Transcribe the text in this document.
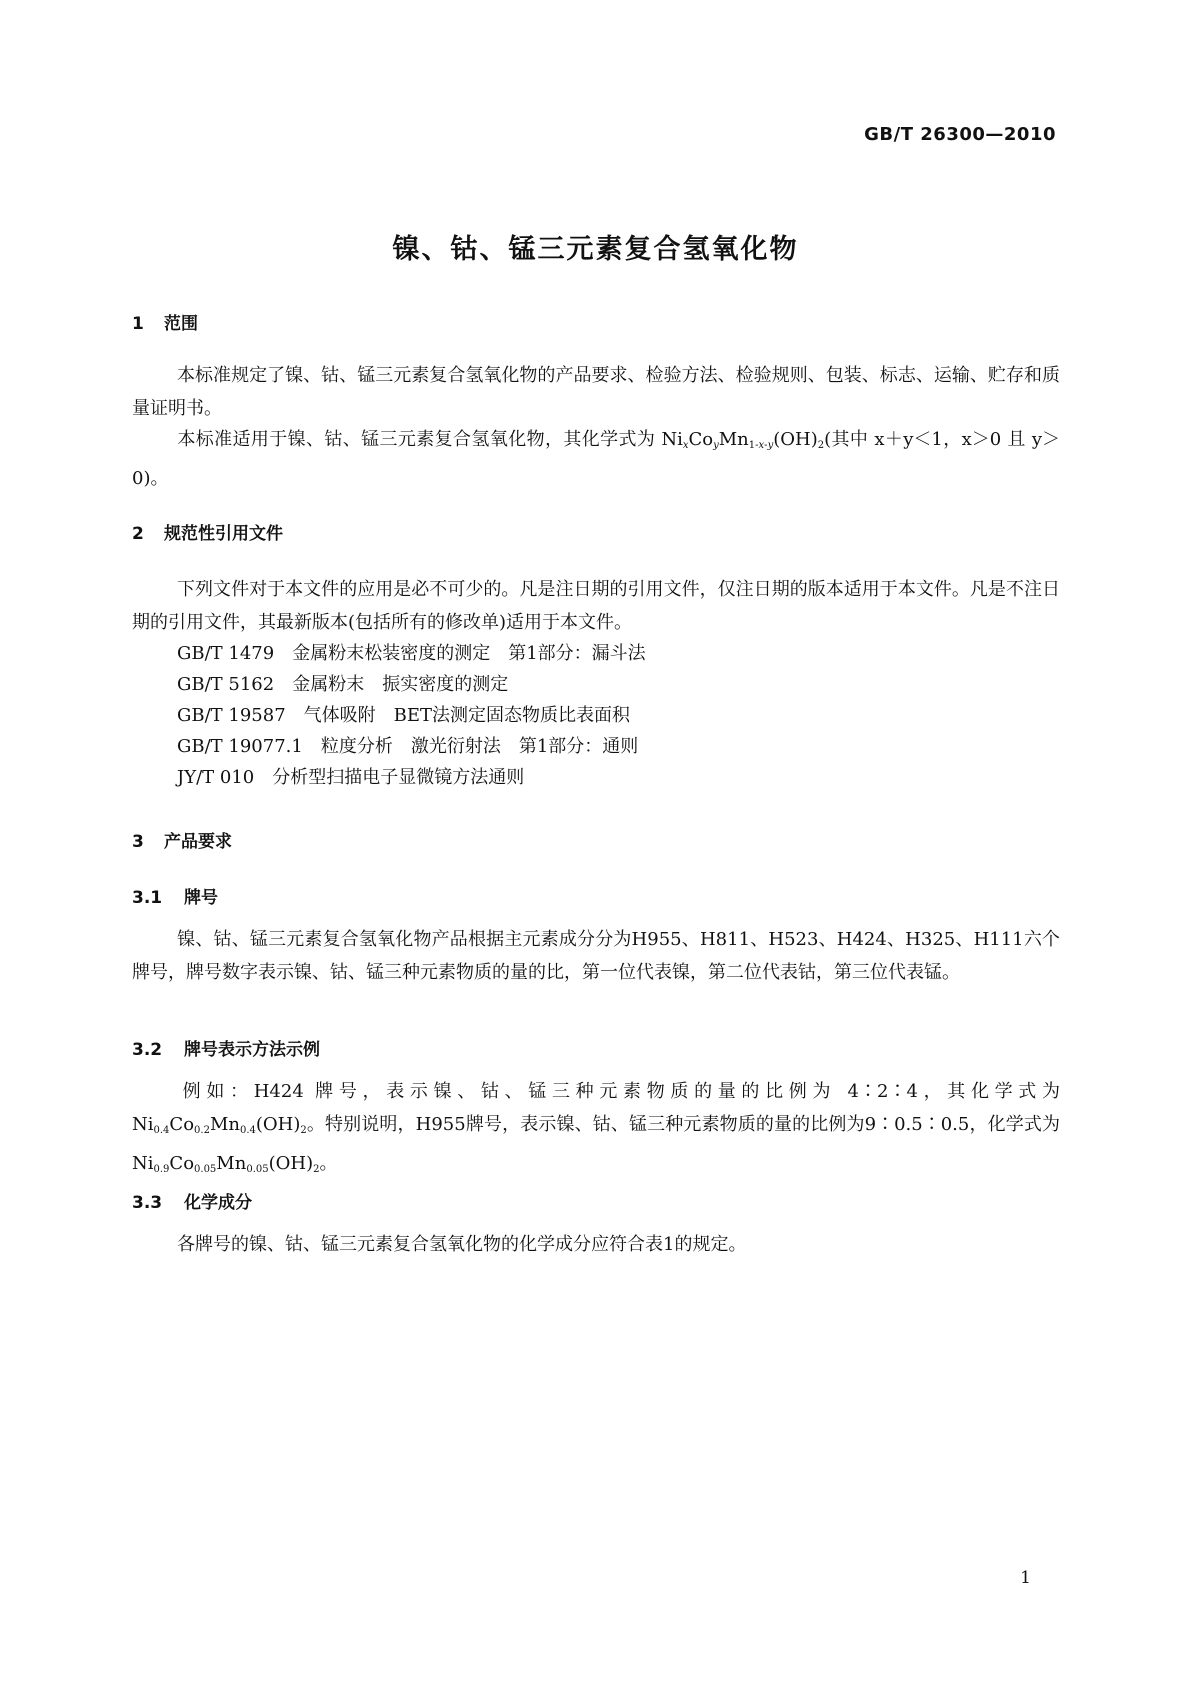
GB/T 26300—2010
镍、钴、锰三元素复合氢氧化物
1 范围
本标准规定了镍、钴、锰三元素复合氢氧化物的产品要求、检验方法、检验规则、包装、标志、运输、贮存和质量证明书。
本标准适用于镍、钴、锰三元素复合氢氧化物，其化学式为 $Ni_xCo_yMn_{1-x-y}(OH)_2$(其中 x＋y＜1，x＞0 且 y＞0)。
2 规范性引用文件
下列文件对于本文件的应用是必不可少的。凡是注日期的引用文件，仅注日期的版本适用于本文件。凡是不注日期的引用文件，其最新版本(包括所有的修改单)适用于本文件。
GB/T 1479 金属粉末松装密度的测定 第1部分：漏斗法
GB/T 5162 金属粉末 振实密度的测定
GB/T 19587 气体吸附 BET法测定固态物质比表面积
GB/T 19077.1 粒度分析 激光衍射法 第1部分：通则
JY/T 010 分析型扫描电子显微镜方法通则
3 产品要求
3.1 牌号
镍、钴、锰三元素复合氢氧化物产品根据主元素成分分为H955、H811、H523、H424、H325、H111六个牌号，牌号数字表示镍、钴、锰三种元素物质的量的比，第一位代表镍，第二位代表钴，第三位代表锰。
3.2 牌号表示方法示例
例如：H424 牌号，表示镍、钴、锰三种元素物质的量的比例为 4∶2∶4，其化学式为 $Ni_{0.4}Co_{0.2}Mn_{0.4}(OH)_2$。特别说明，H955牌号，表示镍、钴、锰三种元素物质的量的比例为9∶0.5∶0.5，化学式为 $Ni_{0.9}Co_{0.05}Mn_{0.05}(OH)_2$。
3.3 化学成分
各牌号的镍、钴、锰三元素复合氢氧化物的化学成分应符合表1的规定。
1
